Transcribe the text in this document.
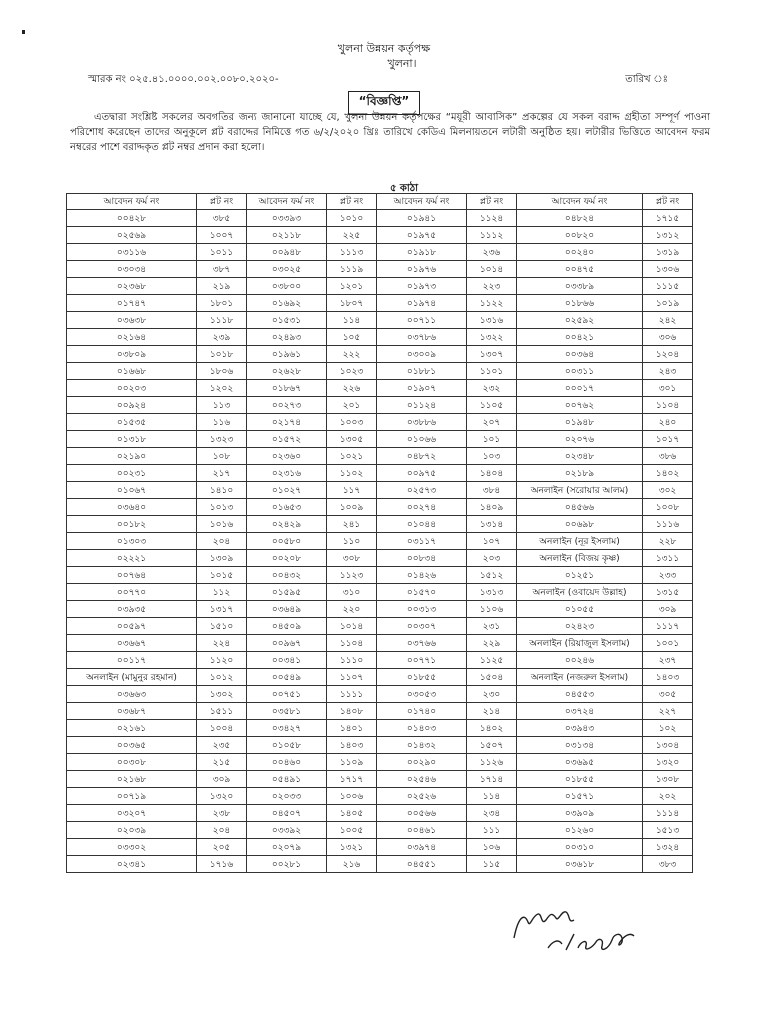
খুলনা উন্নয়ন কর্তৃপক্ষ
খুলনা।
স্মারক নং ০২৫.৪১.০০০০.০০২.০০৮০.২০২০-	তারিখ ঃ
“বিজ্ঞপ্তি”
এতদ্বারা সংশ্লিষ্ট সকলের অবগতির জন্য জানানো যাচ্ছে যে, খুলনা উন্নয়ন কর্তৃপক্ষের “ময়ূরী আবাসিক” প্রকল্পের যে সকল বরাদ্দ গ্রহীতা সম্পূর্ণ পাওনা পরিশোধ করেছেন তাদের অনুকূলে প্লট বরাদ্দের নিমিত্তে গত ৬/২/২০২০ খ্রিঃ তারিখে কেডিএ মিলনায়তনে লটারী অনুষ্ঠিত হয়। লটারীর ভিত্তিতে আবেদন ফরম নম্বরের পাশে বরাদ্দকৃত প্লট নম্বর প্রদান করা হলো।
৫ কাঠা
আবেদন ফর্ম নং	প্লট নং	আবেদন ফর্ম নং	প্লট নং	আবেদন ফর্ম নং	প্লট নং	আবেদন ফর্ম নং	প্লট নং
০০৪২৮	৩৮৫	০৩৩৯৩	১০১০	০১৯৪১	১১২৪	০৪৮২৪	১৭১৫
০২৫৬৯	১০০৭	০২১১৮	২২৫	০১৯৭৫	১১১২	০০৮২০	১৩১২
০৩১১৬	১০১১	০০৯৪৮	১১১৩	০১৯১৮	২৩৬	০০২৪০	১৩১৯
০৩০৩৪	৩৮৭	০৩০২৫	১১১৯	০১৯৭৬	১০১৪	০০৪৭৫	১৩০৬
০২৩৬৮	২১৯	০৩৮০০	১২০১	০১৯৭৩	২২৩	০৩৩৮৯	১১১৫
০১৭৪৭	১৮০১	০১৬৯২	১৮০৭	০১৯৭৪	১১২২	০১৮৬৬	১০১৯
০৩৬৩৮	১১১৮	০১৫৩১	১১৪	০০৭১১	১৩১৬	০২৫৯২	২৪২
০২১৬৪	২৩৯	০২৪৯৩	১০৫	০৩৭৮৬	১৩২২	০০৪২১	৩০৬
০৩৮০৯	১০১৮	০১৯৬১	২২২	০৩০০৯	১৩০৭	০০৩৬৪	১২০৪
০১৬৬৮	১৮০৬	০২৬২৮	১০২৩	০১৮৮১	১১০১	০০৩১১	২৪৩
০০২০৩	১২০২	০১৮৬৭	২২৬	০১৯০৭	২৩২	০০০১৭	৩০১
০০৯২৪	১১৩	০০২৭৩	২০১	০১১২৪	১১০৫	০০৭৬২	১১০৪
০১৫৩৫	১১৬	০২১৭৪	১০০৩	০৩৮৮৬	২০৭	০১৯৪৮	২৪০
০১৩১৮	১৩২৩	০১৫৭২	১৩০৫	০১০৬৬	১০১	০২০৭৬	১০১৭
০২১৯০	১০৮	০২৩৬০	১০২১	০৪৮৭২	১০৩	০২৩৪৮	৩৮৬
০০২৩১	২১৭	০২৩১৬	১১০২	০০৯৭৫	১৪০৪	০২১৮৯	১৪০২
০১০৬৭	১৪১০	০১০২৭	১১৭	০২৫৭৩	৩৮৪	অনলাইন (সরোয়ার আলম)	৩০২
০৩৬৪০	১০১৩	০১৬৫৩	১০০৯	০০২৭৪	১৪০৯	০৪৫৬৬	১০০৮
০০১৮২	১০১৬	০২৪২৯	২৪১	০১০৪৪	১৩১৪	০০৬৯৮	১১১৬
০১৩০৩	২০৪	০০৫৮০	১১০	০৩১১৭	১০৭	অনলাইন (নূর ইসলাম)	২২৮
০২২২১	১৩০৯	০০২০৮	৩০৮	০০৮৩৪	২০৩	অনলাইন (বিজয় কৃষ্ণ)	১৩১১
০০৭৬৪	১০১৫	০০৪৩২	১১২৩	০১৪২৬	১৫১২	০১২৫১	২৩৩
০০৭৭০	১১২	০১৫৯৫	৩১০	০১৫৭০	১৩১৩	অনলাইন (ওবায়েদ উল্লাহ)	১৩১৫
০৩৯৩৫	১৩১৭	০৩৬৪৯	২২০	০০৩১৩	১১০৬	০১০৫৫	৩০৯
০০৫৯৭	১৫১০	০৪৫০৯	১০১৪	০০৩০৭	২৩১	০২৪২৩	১১১৭
০৩৬৬৭	২২৪	০০৯৬৭	১১০৪	০৩৭৬৬	২২৯	অনলাইন (রিয়াজুল ইসলাম)	১০০১
০০১১৭	১১২০	০০৩৪১	১১১০	০০৭৭১	১১২৫	০০২৪৬	২৩৭
অনলাইন (মামুনুর রহমান)	১০১২	০০৫৪৯	১১০৭	০১৮৫৫	১৫০৪	অনলাইন (নজরুল ইসলাম)	১৪০৩
০৩৬৬৩	১৩০২	০০৭৫১	১১১১	০৩০৫৩	২৩০	০৪৫৫৩	৩০৫
০৩৬৮৭	১৫১১	০৩৫৮১	১৪০৮	০১৭৪০	২১৪	০৩৭২৪	২২৭
০২১৬১	১০০৪	০৩৪২৭	১৪০১	০১৪০৩	১৪০২	০৩৯৪৩	১০২
০০৩৬৫	২৩৫	০১০৫৮	১৪০৩	০১৪৩২	১৫০৭	০৩১৩৪	১৩০৪
০০৩০৮	২১৫	০০৪৬০	১১০৯	০০২৯০	১১২৬	০৩৬৯৫	১৩২০
০২১৬৮	৩০৯	০৫৪৯১	১৭১৭	০২৫৪৬	১৭১৪	০১৮৫৫	১৩০৮
০০৭১৯	১৩২০	০২০৩৩	১০০৬	০২৫২৬	১১৪	০১৫৭১	২০২
০৩২০৭	২৩৮	০৪৫০৭	১৪০৫	০০৫৬৬	২৩৪	০৩৯০৯	১১১৪
০২০৩৯	২০৪	০৩৩৯২	১০০৫	০০৪৬১	১১১	০১২৬০	১৫১৩
০৩৩০২	২০৫	০২০৭৯	১৩২১	০৩৯৭৪	১০৬	০০৩১০	১৩২৪
০২৩৪১	১৭১৬	০০২৮১	২১৬	০৪৫৫১	১১৫	০৩৬১৮	৩৮৩
